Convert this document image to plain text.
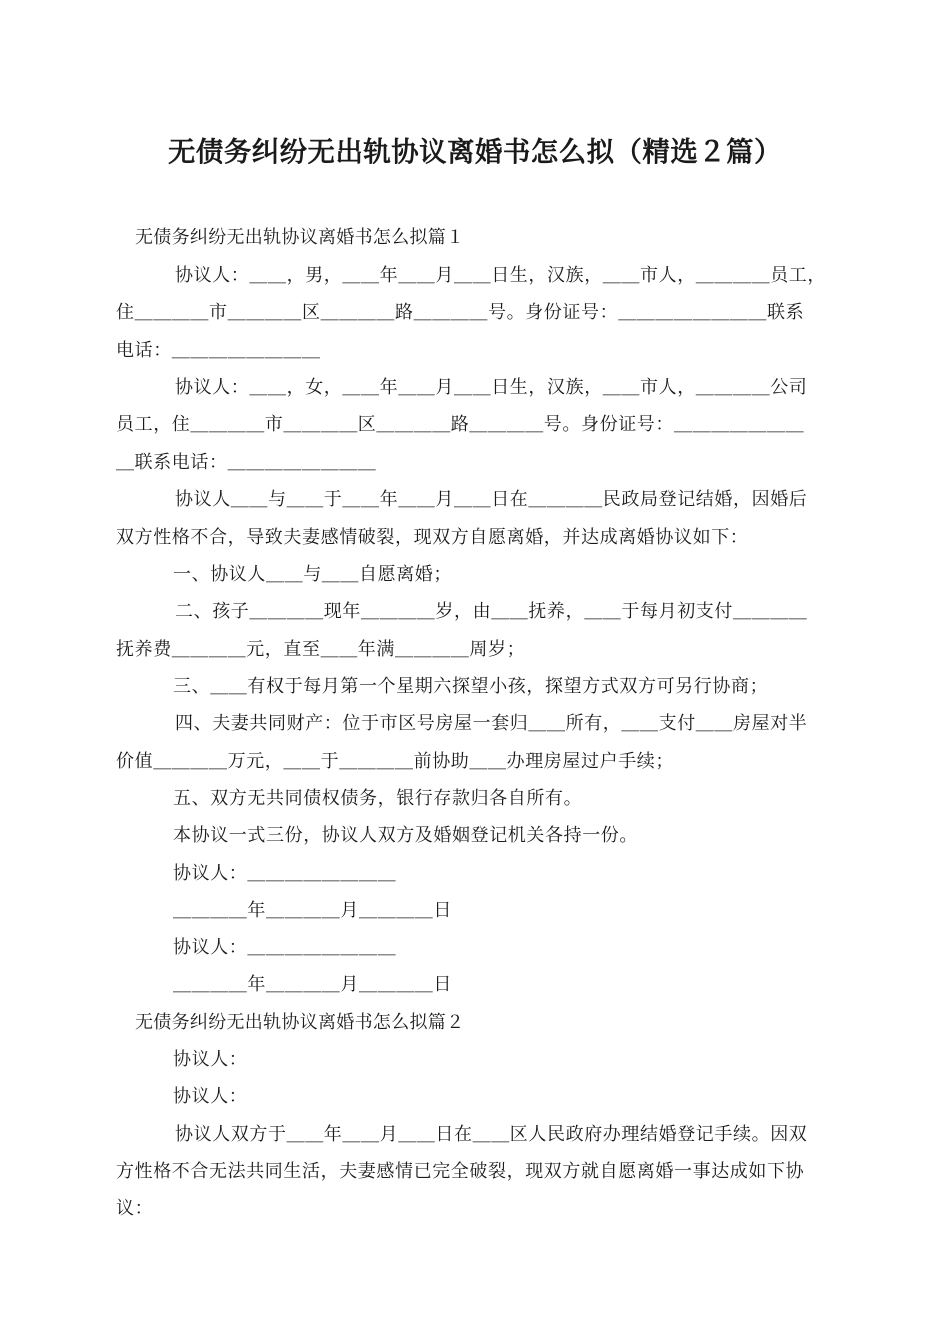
无债务纠纷无出轨协议离婚书怎么拟（精选２篇）
无债务纠纷无出轨协议离婚书怎么拟篇１
协议人：＿＿，男，＿＿年＿＿月＿＿日生，汉族，＿＿市人，＿＿＿＿员工，
住＿＿＿＿市＿＿＿＿区＿＿＿＿路＿＿＿＿号。身份证号：＿＿＿＿＿＿＿＿联系
电话：＿＿＿＿＿＿＿＿
协议人：＿＿，女，＿＿年＿＿月＿＿日生，汉族，＿＿市人，＿＿＿＿公司
员工，住＿＿＿＿市＿＿＿＿区＿＿＿＿路＿＿＿＿号。身份证号：＿＿＿＿＿＿＿
＿联系电话：＿＿＿＿＿＿＿＿
协议人＿＿与＿＿于＿＿年＿＿月＿＿日在＿＿＿＿民政局登记结婚，因婚后
双方性格不合，导致夫妻感情破裂，现双方自愿离婚，并达成离婚协议如下：
一、协议人＿＿与＿＿自愿离婚；
二、孩子＿＿＿＿现年＿＿＿＿岁，由＿＿抚养，＿＿于每月初支付＿＿＿＿
抚养费＿＿＿＿元，直至＿＿年满＿＿＿＿周岁；
三、＿＿有权于每月第一个星期六探望小孩，探望方式双方可另行协商；
四、夫妻共同财产：位于市区号房屋一套归＿＿所有，＿＿支付＿＿房屋对半
价值＿＿＿＿万元，＿＿于＿＿＿＿前协助＿＿办理房屋过户手续；
五、双方无共同债权债务，银行存款归各自所有。
本协议一式三份，协议人双方及婚姻登记机关各持一份。
协议人：＿＿＿＿＿＿＿＿
＿＿＿＿年＿＿＿＿月＿＿＿＿日
协议人：＿＿＿＿＿＿＿＿
＿＿＿＿年＿＿＿＿月＿＿＿＿日
无债务纠纷无出轨协议离婚书怎么拟篇２
协议人：
协议人：
协议人双方于＿＿年＿＿月＿＿日在＿＿区人民政府办理结婚登记手续。因双
方性格不合无法共同生活，夫妻感情已完全破裂，现双方就自愿离婚一事达成如下协
议：
